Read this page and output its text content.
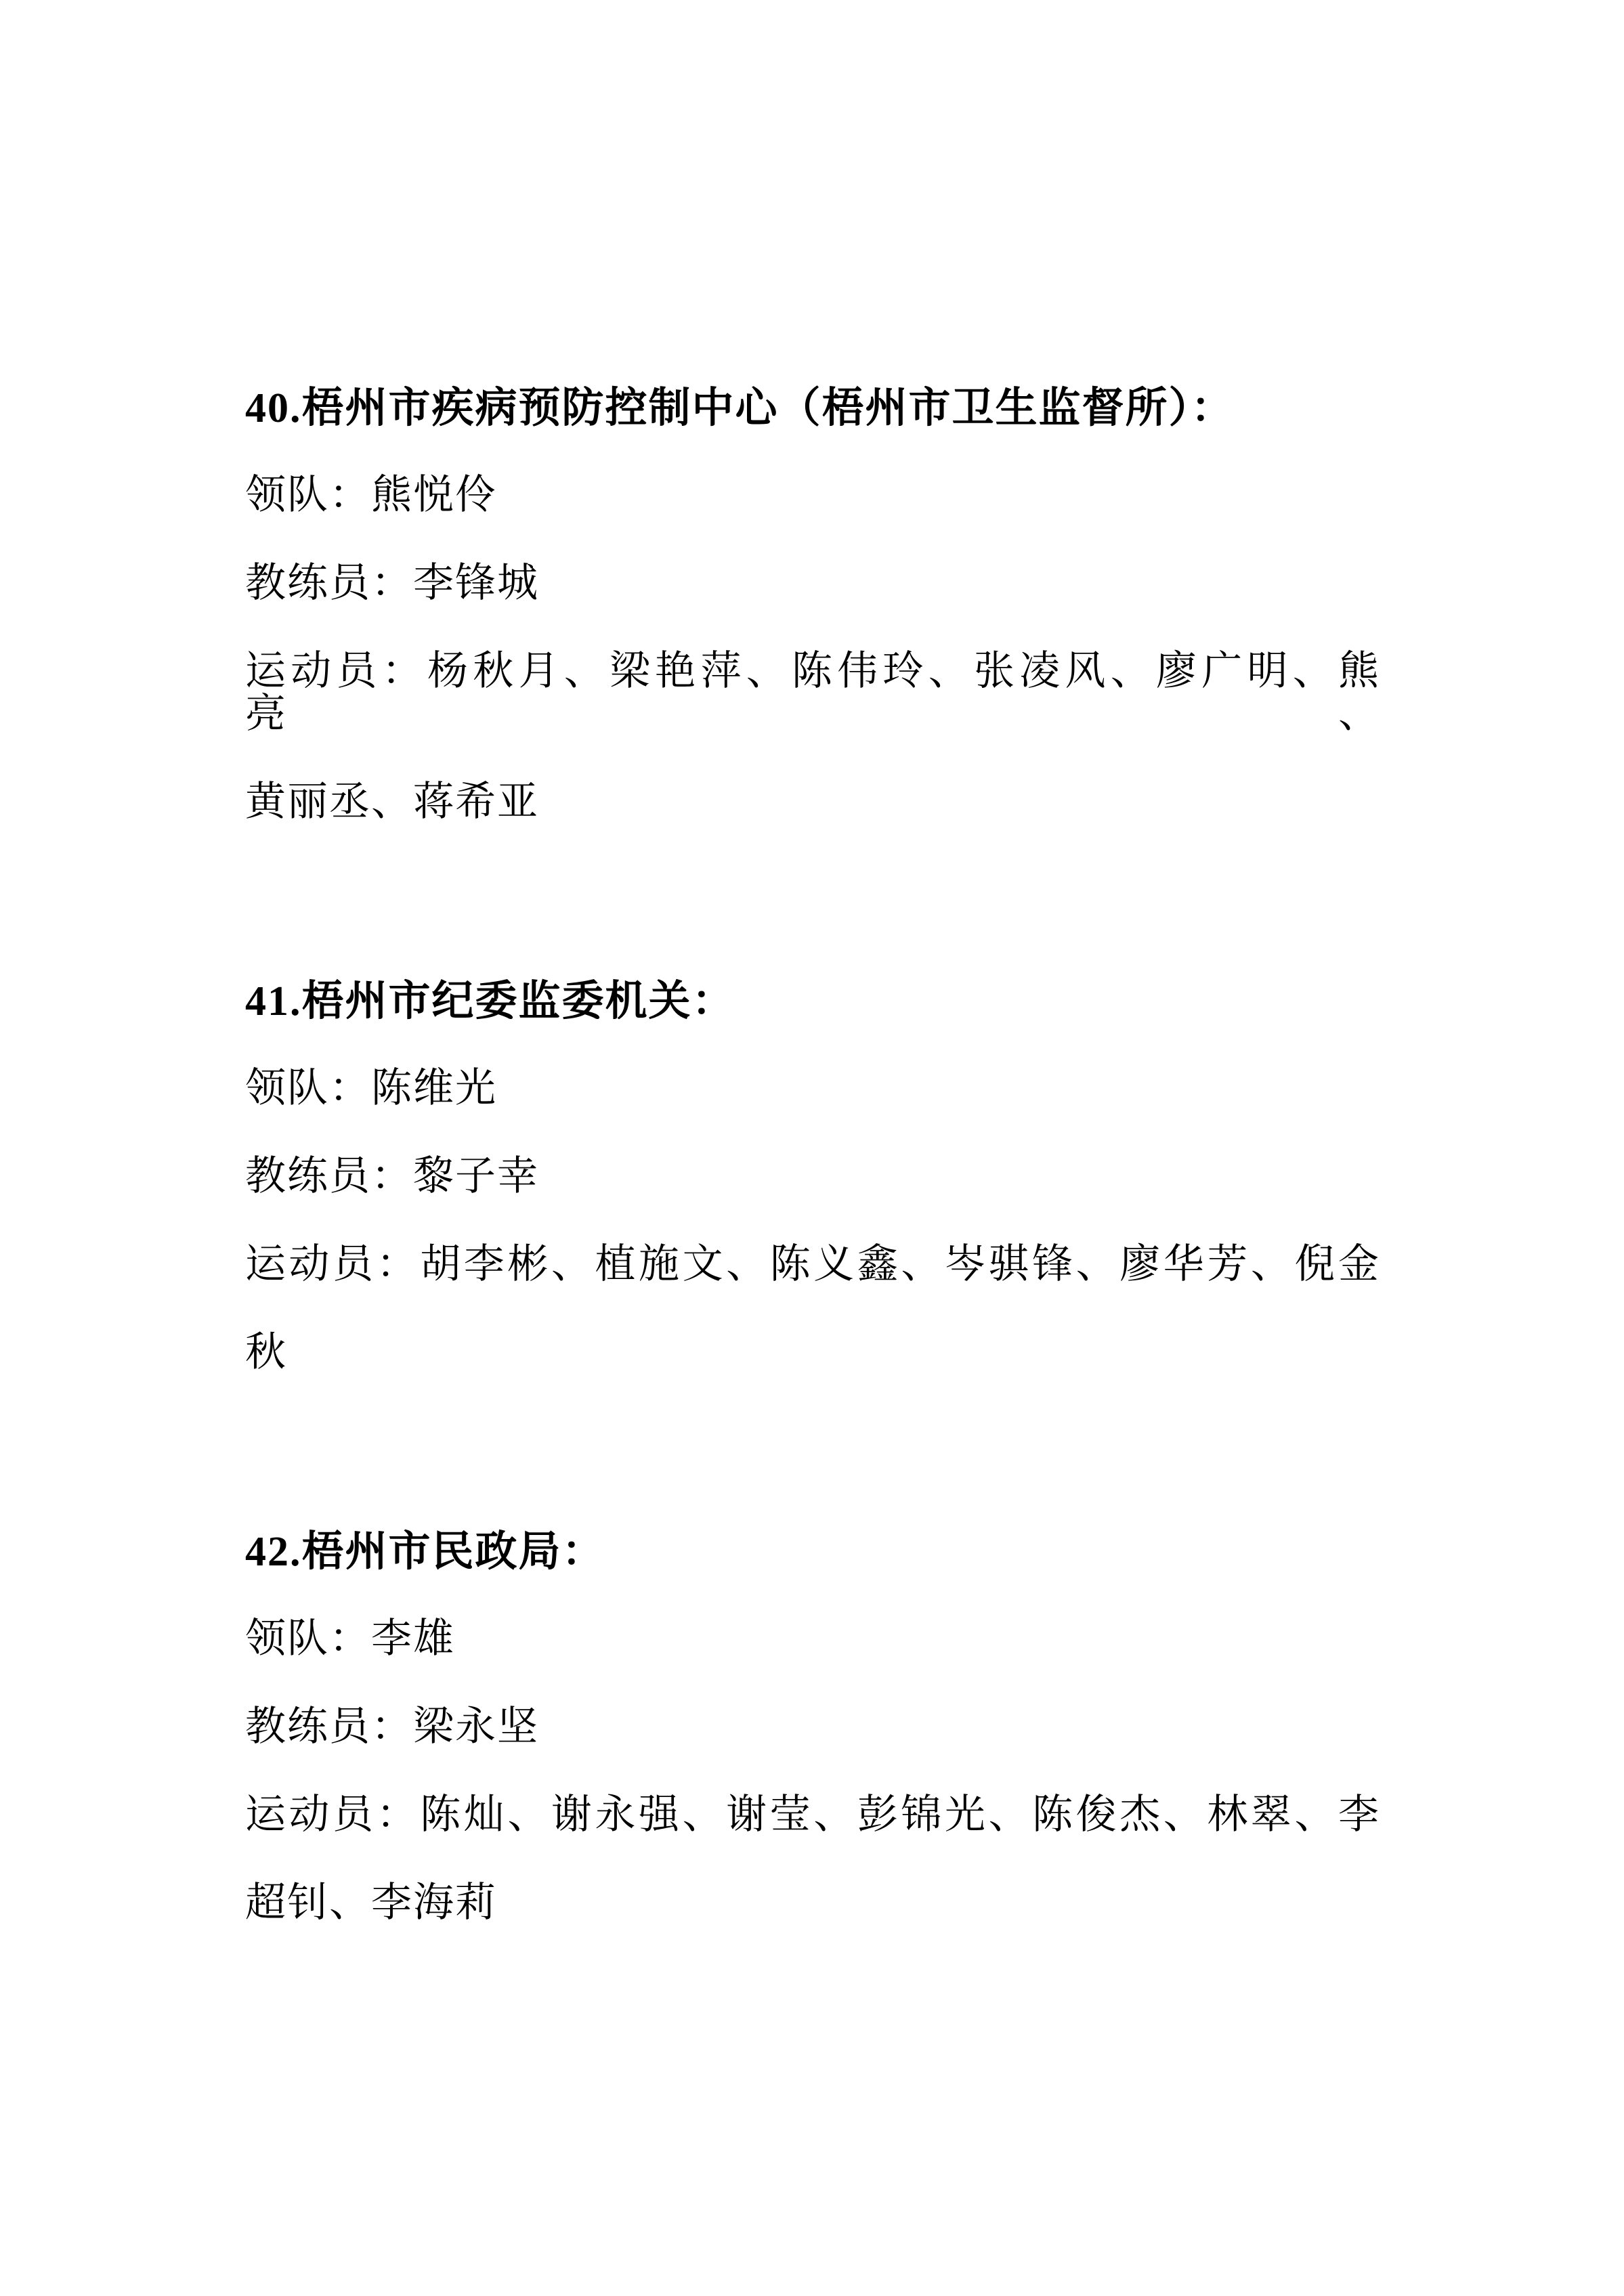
40.梧州市疾病预防控制中心（梧州市卫生监督所）：
领队：熊悦伶
教练员：李锋城
运动员：杨秋月、梁艳萍、陈伟玲、张凌风、廖广明、熊　亮、
黄丽丞、蒋希亚
41.梧州市纪委监委机关：
领队：陈维光
教练员：黎子幸
运动员：胡李彬、植施文、陈义鑫、岑骐锋、廖华芳、倪金
秋
42.梧州市民政局：
领队：李雄
教练员：梁永坚
运动员：陈灿、谢永强、谢莹、彭锦光、陈俊杰、林翠、李
超钊、李海莉
